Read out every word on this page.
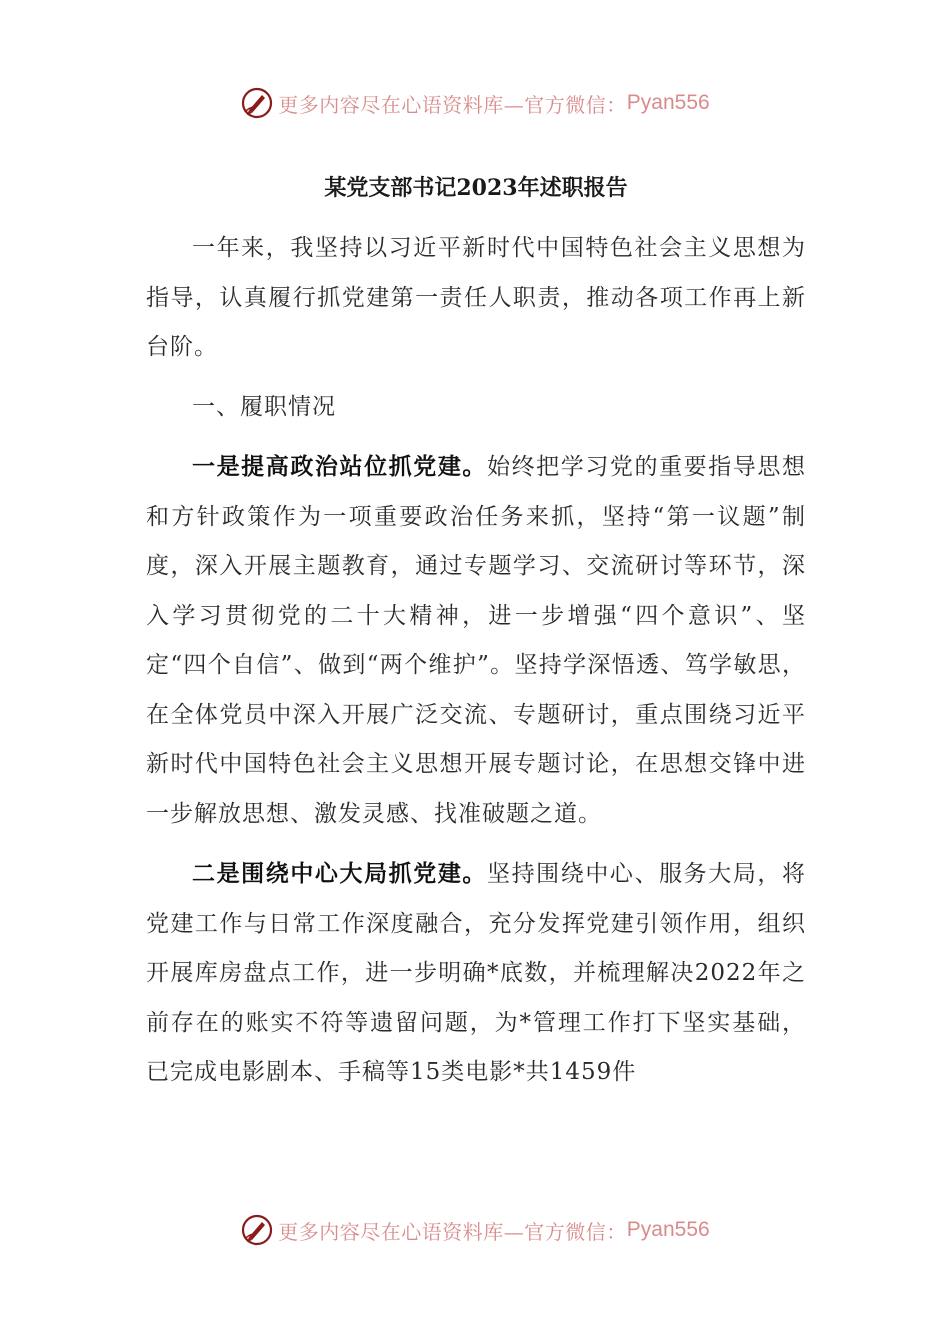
更多内容尽在心语资料库—官方微信： Pyan556
某党支部书记2023年述职报告

一年来，我坚持以习近平新时代中国特色社会主义思想为指导，认真履行抓党建第一责任人职责，推动各项工作再上新台阶。

一、履职情况

一是提高政治站位抓党建。始终把学习党的重要指导思想和方针政策作为一项重要政治任务来抓，坚持“第一议题”制度，深入开展主题教育，通过专题学习、交流研讨等环节，深入学习贯彻党的二十大精神，进一步增强“四个意识”、坚定“四个自信”、做到“两个维护”。坚持学深悟透、笃学敏思，在全体党员中深入开展广泛交流、专题研讨，重点围绕习近平新时代中国特色社会主义思想开展专题讨论，在思想交锋中进一步解放思想、激发灵感、找准破题之道。

二是围绕中心大局抓党建。坚持围绕中心、服务大局，将党建工作与日常工作深度融合，充分发挥党建引领作用，组织开展库房盘点工作，进一步明确*底数，并梳理解决2022年之前存在的账实不符等遗留问题，为*管理工作打下坚实基础，已完成电影剧本、手稿等15类电影*共1459件

更多内容尽在心语资料库—官方微信： Pyan556
